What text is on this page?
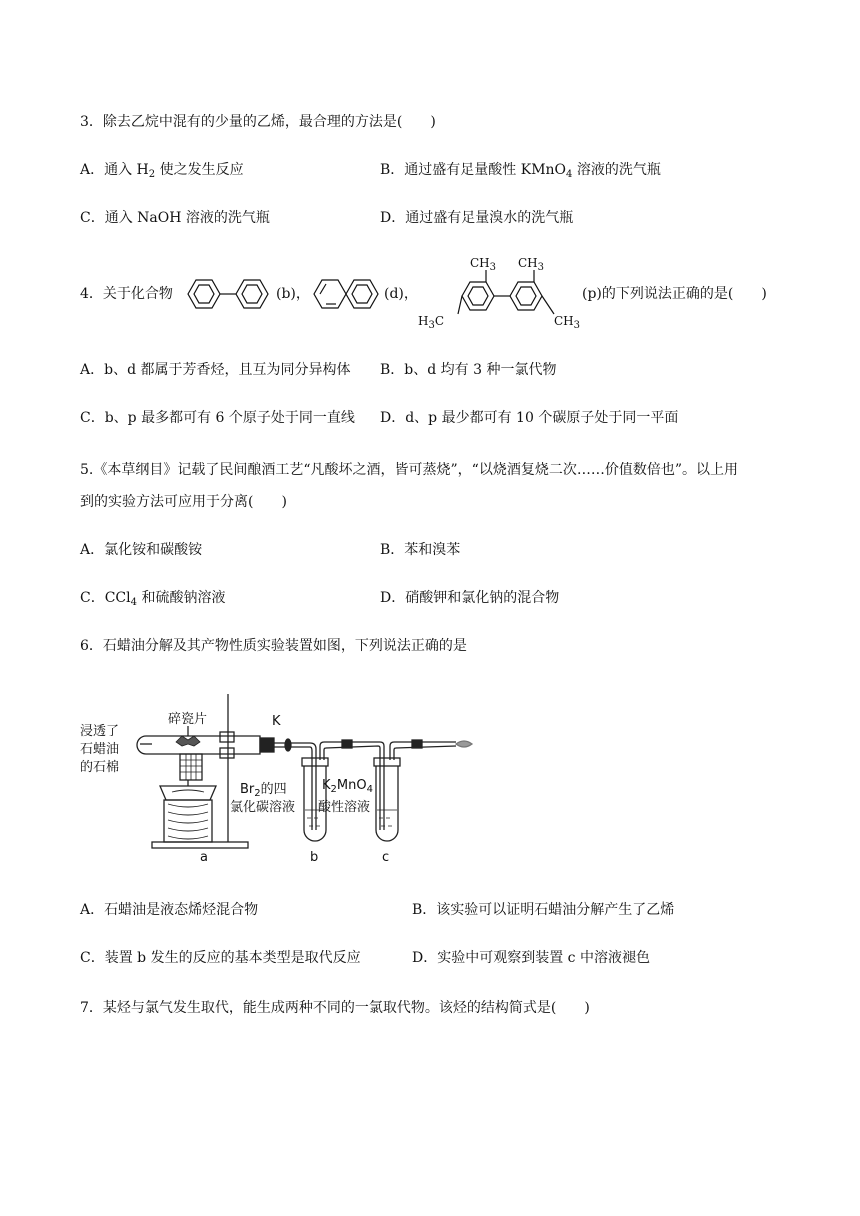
3．除去乙烷中混有的少量的乙烯，最合理的方法是(　　)
A．通入 $H_2$ 使之发生反应	B．通过盛有足量酸性 KMnO$_4$ 溶液的洗气瓶
C．通入 NaOH 溶液的洗气瓶	D．通过盛有足量溴水的洗气瓶
4．关于化合物	(b)，	(d)，
$CH_3$ $CH_3$
$H_3C$	$CH_3$
(p)的下列说法正确的是(　　)
A．b、d 都属于芳香烃，且互为同分异构体 B．b、d 均有 3 种一氯代物
C．b、p 最多都可有 6 个原子处于同一直线 D．d、p 最少都可有 10 个碳原子处于同一平面
5.《本草纲目》记载了民间酿酒工艺“凡酸坏之酒，皆可蒸烧”，“以烧酒复烧二次……价值数倍也”。以上用
到的实验方法可应用于分离(　　)
A．氯化铵和碳酸铵	B．苯和溴苯
C．CCl$_4$ 和硫酸钠溶液	D．硝酸钾和氯化钠的混合物
6．石蜡油分解及其产物性质实验装置如图，下列说法正确的是
浸透了
石蜡油
的石棉
碎瓷片	K
$Br_2$的四
氯化碳溶液
$K_2MnO_4$
酸性溶液
a	b	c
A．石蜡油是液态烯烃混合物	B．该实验可以证明石蜡油分解产生了乙烯
C．装置 b 发生的反应的基本类型是取代反应	D．实验中可观察到装置 c 中溶液褪色
7．某烃与氯气发生取代，能生成两种不同的一氯取代物。该烃的结构简式是(　　)
